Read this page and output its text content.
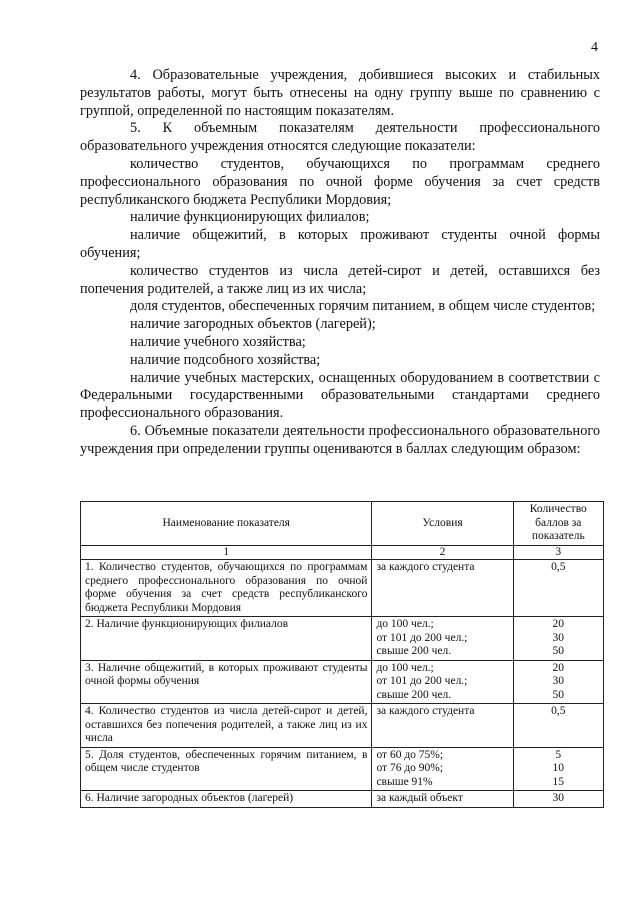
4

4. Образовательные учреждения, добившиеся высоких и стабильных результатов работы, могут быть отнесены на одну группу выше по сравнению с группой, определенной по настоящим показателям.

5. К объемным показателям деятельности профессионального образовательного учреждения относятся следующие показатели:

количество студентов, обучающихся по программам среднего профессионального образования по очной форме обучения за счет средств республиканского бюджета Республики Мордовия;

наличие функционирующих филиалов;

наличие общежитий, в которых проживают студенты очной формы обучения;

количество студентов из числа детей-сирот и детей, оставшихся без попечения родителей, а также лиц из их числа;

доля студентов, обеспеченных горячим питанием, в общем числе студентов;

наличие загородных объектов (лагерей);

наличие учебного хозяйства;

наличие подсобного хозяйства;

наличие учебных мастерских, оснащенных оборудованием в соответствии с Федеральными государственными образовательными стандартами среднего профессионального образования.

6. Объемные показатели деятельности профессионального образовательного учреждения при определении группы оцениваются в баллах следующим образом:

Наименование показателя	Условия	Количество баллов за показатель
1	2	3
1. Количество студентов, обучающихся по программам среднего профессионального образования по очной форме обучения за счет средств республиканского бюджета Республики Мордовия	за каждого студента	0,5

2. Наличие функционирующих филиалов	до 100 чел.;
от 101 до 200 чел.;
свыше 200 чел.	20
30
50

3. Наличие общежитий, в которых проживают студенты очной формы обучения	до 100 чел.;
от 101 до 200 чел.;
свыше 200 чел.	20
30
50

4. Количество студентов из числа детей-сирот и детей, оставшихся без попечения родителей, а также лиц из их числа	за каждого студента	0,5

5. Доля студентов, обеспеченных горячим питанием, в общем числе студентов	от 60 до 75%;
от 76 до 90%;
свыше 91%	5
10
15

6. Наличие загородных объектов (лагерей)	за каждый объект	30
